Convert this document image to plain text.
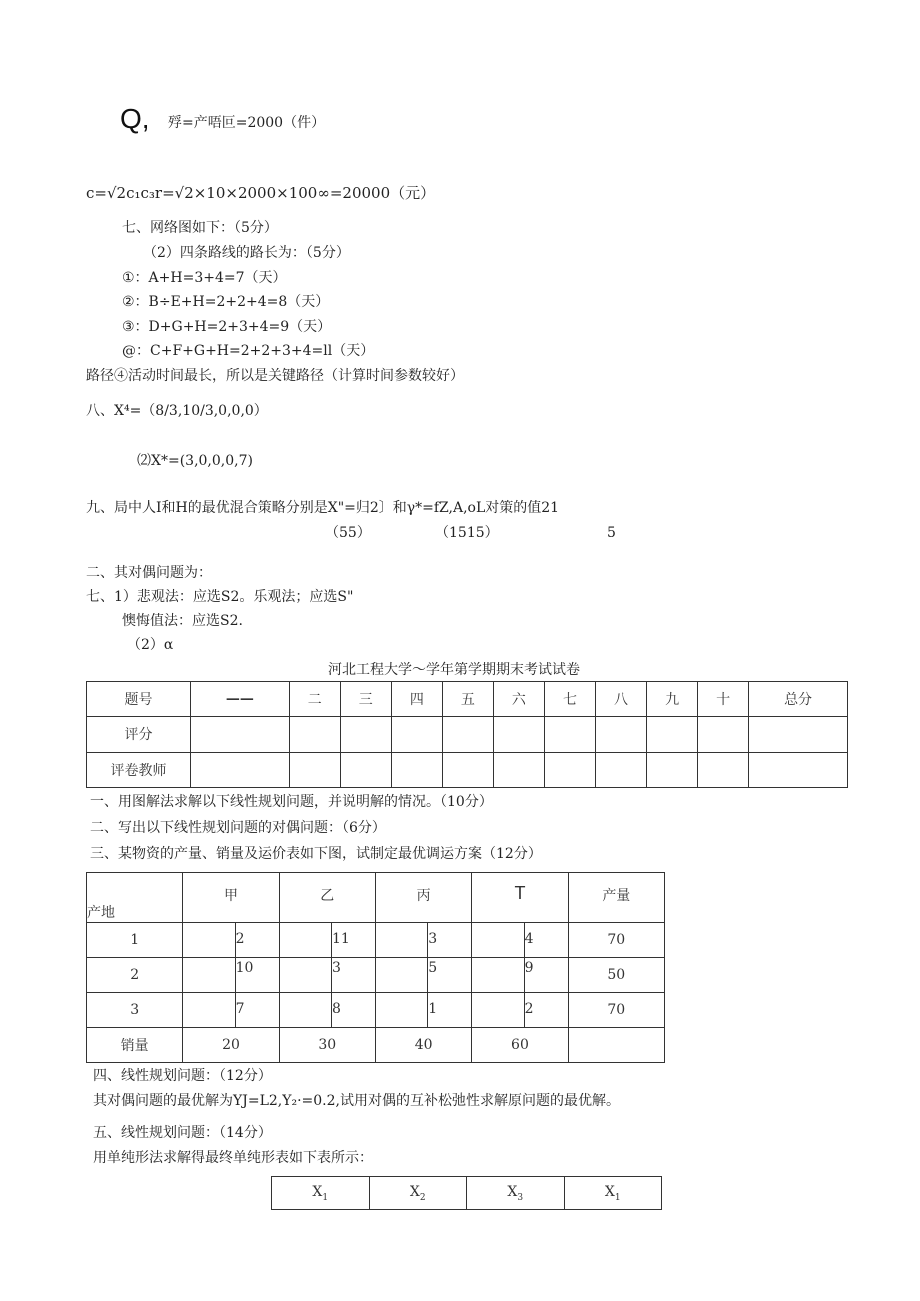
Q, 殍=产唔叵=2000（件）
c=√2c₁c₃r=√2×10×2000×100∞=20000（元）
七、网络图如下：（5分）
（2）四条路线的路长为：（5分）
①：A+H=3+4=7（天）
②：B÷E+H=2+2+4=8（天）
③：D+G+H=2+3+4=9（天）
@：C+F+G+H=2+2+3+4=ll（天）
路径④活动时间最长，所以是关键路径（计算时间参数较好）
八、X⁴=（8/3,10/3,0,0,0）
⑵X*=(3,0,0,0,7)
九、局中人I和H的最优混合策略分别是X"=归2〕和γ*=fZ,A,oL对策的值21
（55）	（1515）	5
二、其对偶问题为：
七、1）悲观法：应选S2。乐观法；应选S"
懊悔值法：应选S2.
（2）α
河北工程大学～学年第学期期末考试试卷
题号	——	二	三	四	五	六	七	八	九	十	总分
评分											
评卷教师											
一、用图解法求解以下线性规划问题，并说明解的情况。（10分）
二、写出以下线性规划问题的对偶问题：（6分）
三、某物资的产量、销量及运价表如下图，试制定最优调运方案（12分）
产地	甲	乙	丙	T	产量
1	2	11	3	4	70
2	10	3	5	9	50
3	7	8	1	2	70
销量	20	30	40	60	
四、线性规划问题：（12分）
其对偶问题的最优解为YJ=L2,Y₂·=0.2,试用对偶的互补松弛性求解原问题的最优解。
五、线性规划问题：（14分）
用单纯形法求解得最终单纯形表如下表所示：
$X_1$	$X_2$	$X_3$	$X_1$
